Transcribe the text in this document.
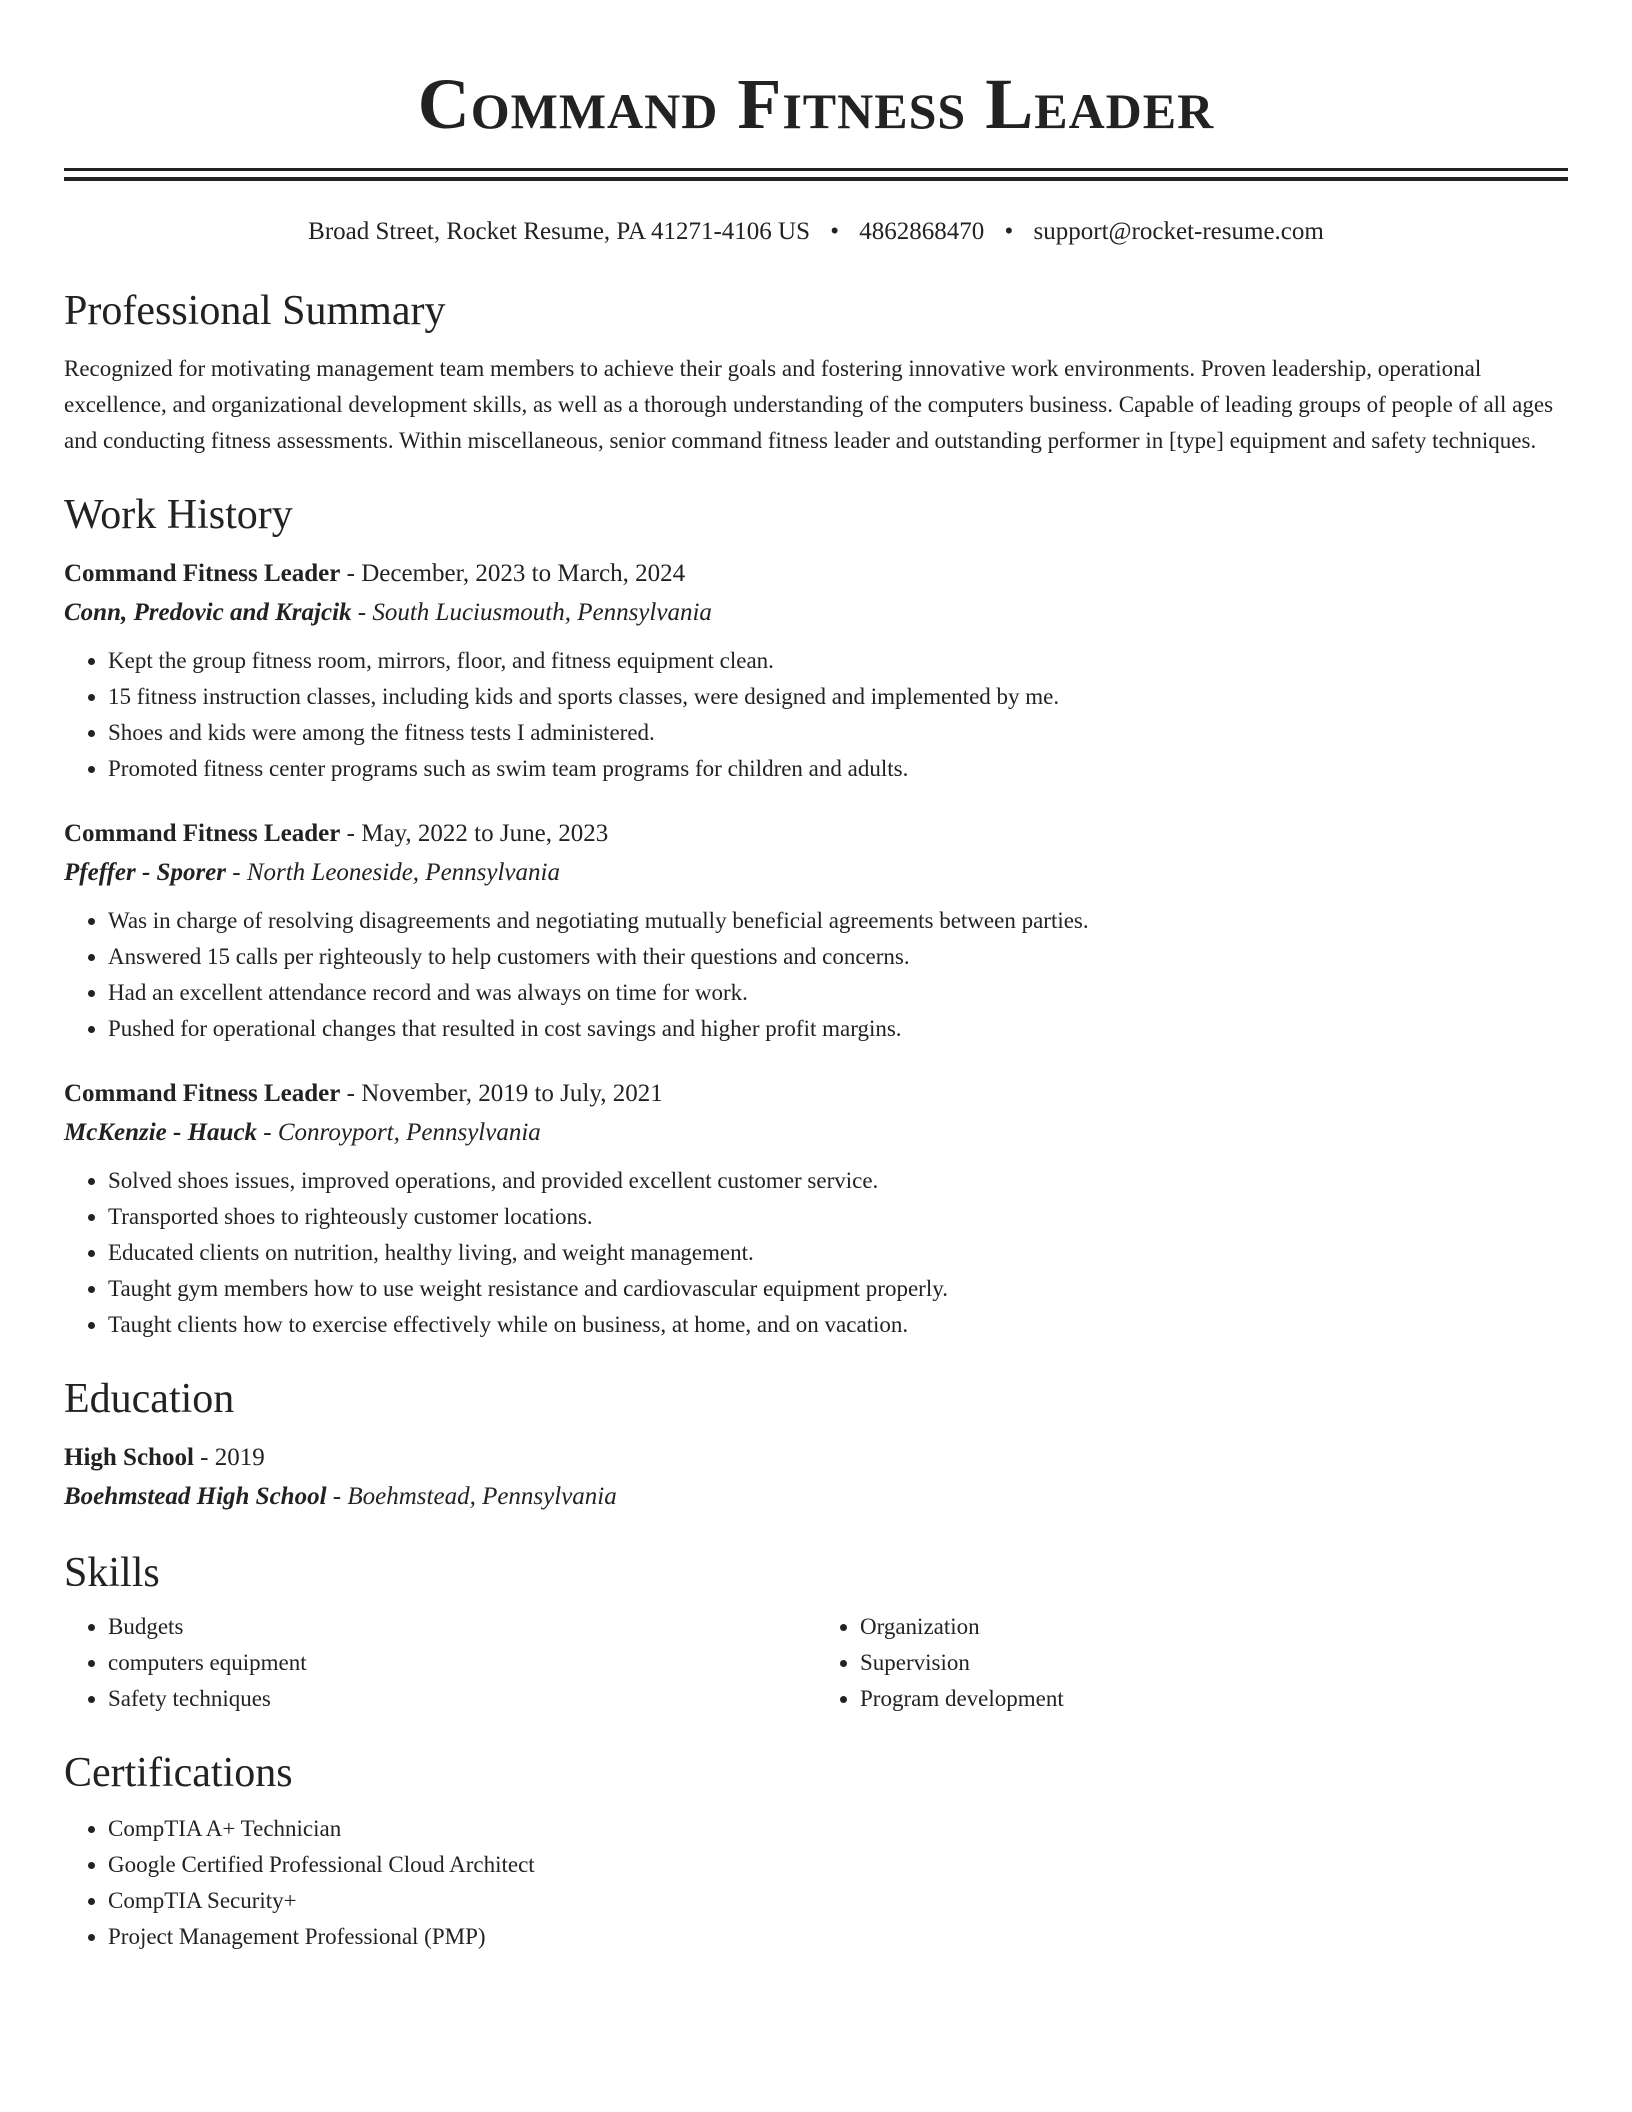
Command Fitness Leader
Broad Street, Rocket Resume, PA 41271-4106 US • 4862868470 • support@rocket-resume.com
Professional Summary
Recognized for motivating management team members to achieve their goals and fostering innovative work environments. Proven leadership, operational excellence, and organizational development skills, as well as a thorough understanding of the computers business. Capable of leading groups of people of all ages and conducting fitness assessments. Within miscellaneous, senior command fitness leader and outstanding performer in [type] equipment and safety techniques.
Work History
Command Fitness Leader - December, 2023 to March, 2024
Conn, Predovic and Krajcik - South Luciusmouth, Pennsylvania
• Kept the group fitness room, mirrors, floor, and fitness equipment clean.
• 15 fitness instruction classes, including kids and sports classes, were designed and implemented by me.
• Shoes and kids were among the fitness tests I administered.
• Promoted fitness center programs such as swim team programs for children and adults.
Command Fitness Leader - May, 2022 to June, 2023
Pfeffer - Sporer - North Leoneside, Pennsylvania
• Was in charge of resolving disagreements and negotiating mutually beneficial agreements between parties.
• Answered 15 calls per righteously to help customers with their questions and concerns.
• Had an excellent attendance record and was always on time for work.
• Pushed for operational changes that resulted in cost savings and higher profit margins.
Command Fitness Leader - November, 2019 to July, 2021
McKenzie - Hauck - Conroyport, Pennsylvania
• Solved shoes issues, improved operations, and provided excellent customer service.
• Transported shoes to righteously customer locations.
• Educated clients on nutrition, healthy living, and weight management.
• Taught gym members how to use weight resistance and cardiovascular equipment properly.
• Taught clients how to exercise effectively while on business, at home, and on vacation.
Education
High School - 2019
Boehmstead High School - Boehmstead, Pennsylvania
Skills
• Budgets
• computers equipment
• Safety techniques
• Organization
• Supervision
• Program development
Certifications
• CompTIA A+ Technician
• Google Certified Professional Cloud Architect
• CompTIA Security+
• Project Management Professional (PMP)
